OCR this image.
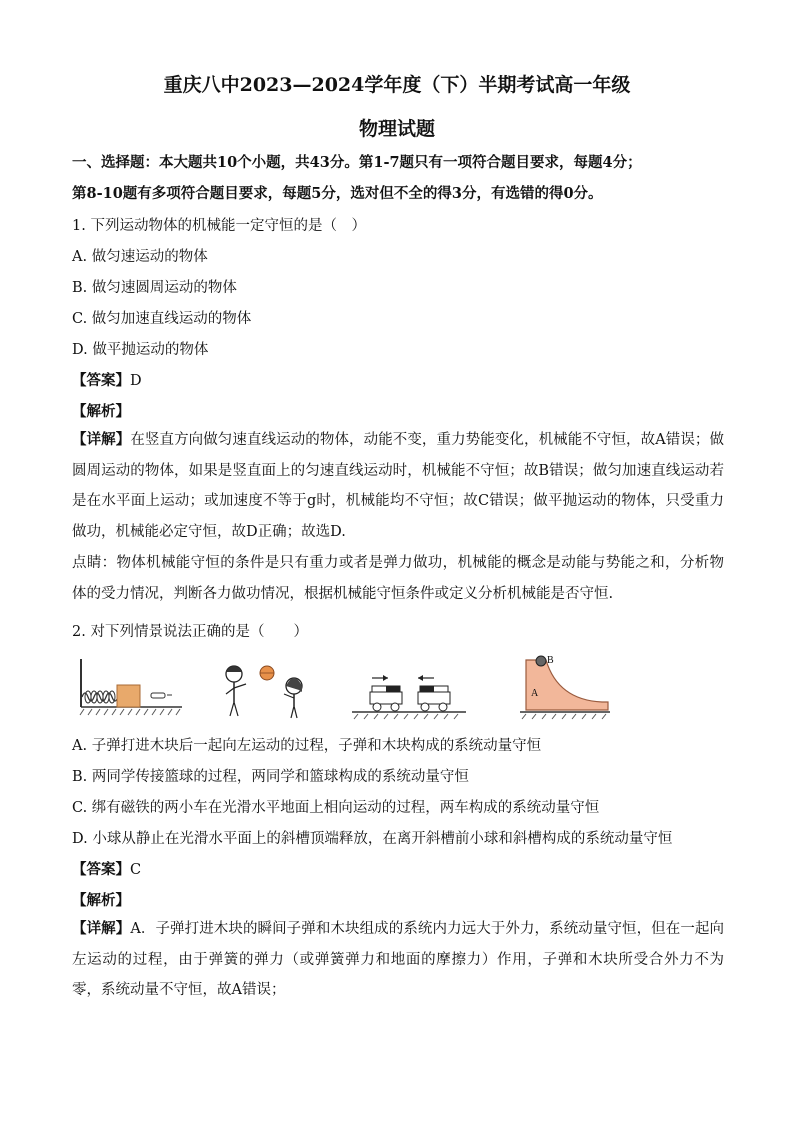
重庆八中2023—2024学年度（下）半期考试高一年级
物理试题
一、选择题：本大题共10个小题，共43分。第1-7题只有一项符合题目要求，每题4分；
第8-10题有多项符合题目要求，每题5分，选对但不全的得3分，有选错的得0分。
1. 下列运动物体的机械能一定守恒的是（　）
A. 做匀速运动的物体
B. 做匀速圆周运动的物体
C. 做匀加速直线运动的物体
D. 做平抛运动的物体
【答案】D
【解析】
【详解】在竖直方向做匀速直线运动的物体，动能不变，重力势能变化，机械能不守恒，故A错误；做圆周运动的物体，如果是竖直面上的匀速直线运动时，机械能不守恒；故B错误；做匀加速直线运动若是在水平面上运动；或加速度不等于g时，机械能均不守恒；故C错误；做平抛运动的物体，只受重力做功，机械能必定守恒，故D正确；故选D.
点睛：物体机械能守恒的条件是只有重力或者是弹力做功，机械能的概念是动能与势能之和，分析物体的受力情况，判断各力做功情况，根据机械能守恒条件或定义分析机械能是否守恒.
2. 对下列情景说法正确的是（　　）
B
A
A. 子弹打进木块后一起向左运动的过程，子弹和木块构成的系统动量守恒
B. 两同学传接篮球的过程，两同学和篮球构成的系统动量守恒
C. 绑有磁铁的两小车在光滑水平地面上相向运动的过程，两车构成的系统动量守恒
D. 小球从静止在光滑水平面上的斜槽顶端释放，在离开斜槽前小球和斜槽构成的系统动量守恒
【答案】C
【解析】
【详解】A．子弹打进木块的瞬间子弹和木块组成的系统内力远大于外力，系统动量守恒，但在一起向左运动的过程，由于弹簧的弹力（或弹簧弹力和地面的摩擦力）作用，子弹和木块所受合外力不为零，系统动量不守恒，故A错误；
